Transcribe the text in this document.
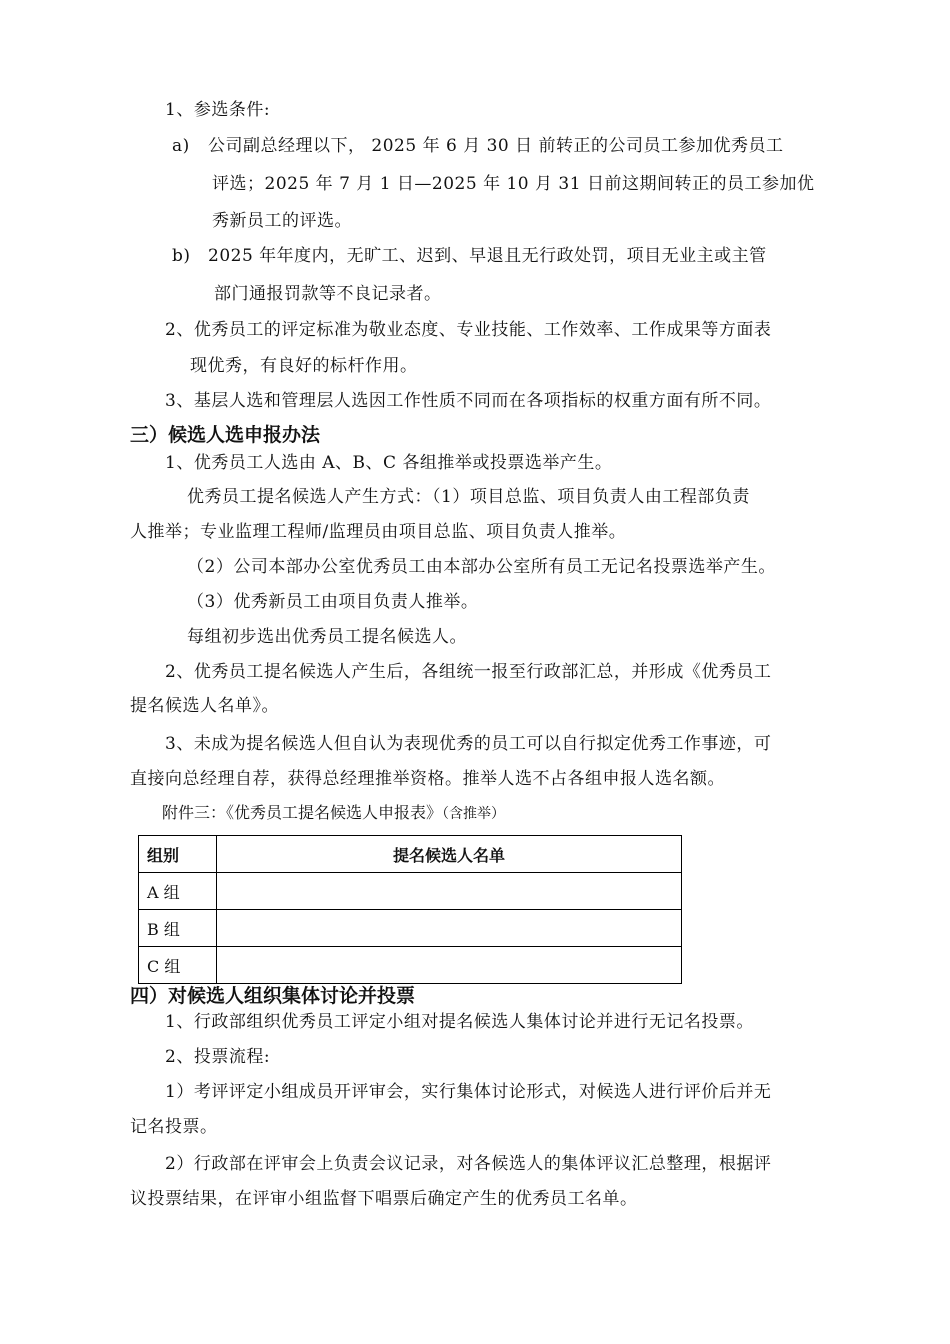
1、参选条件:
a) 公司副总经理以下， 2025 年 6 月 30 日 前转正的公司员工参加优秀员工
评选；2025 年 7 月 1 日—2025 年 10 月 31 日前这期间转正的员工参加优
秀新员工的评选。
b) 2025 年年度内，无旷工、迟到、早退且无行政处罚，项目无业主或主管
部门通报罚款等不良记录者。
2、优秀员工的评定标准为敬业态度、专业技能、工作效率、工作成果等方面表
现优秀，有良好的标杆作用。
3、基层人选和管理层人选因工作性质不同而在各项指标的权重方面有所不同。
三）候选人选申报办法
1、优秀员工人选由 A、B、C 各组推举或投票选举产生。
优秀员工提名候选人产生方式：（1）项目总监、项目负责人由工程部负责
人推举；专业监理工程师/监理员由项目总监、项目负责人推举。
（2）公司本部办公室优秀员工由本部办公室所有员工无记名投票选举产生。
（3）优秀新员工由项目负责人推举。
每组初步选出优秀员工提名候选人。
2、优秀员工提名候选人产生后，各组统一报至行政部汇总，并形成《优秀员工
提名候选人名单》。
3、未成为提名候选人但自认为表现优秀的员工可以自行拟定优秀工作事迹，可
直接向总经理自荐，获得总经理推举资格。推举人选不占各组申报人选名额。
附件三：《优秀员工提名候选人申报表》（含推举）
组别	提名候选人名单
A 组	
B 组	
C 组	
四）对候选人组织集体讨论并投票
1、行政部组织优秀员工评定小组对提名候选人集体讨论并进行无记名投票。
2、投票流程:
1）考评评定小组成员开评审会，实行集体讨论形式，对候选人进行评价后并无
记名投票。
2）行政部在评审会上负责会议记录，对各候选人的集体评议汇总整理，根据评
议投票结果，在评审小组监督下唱票后确定产生的优秀员工名单。
